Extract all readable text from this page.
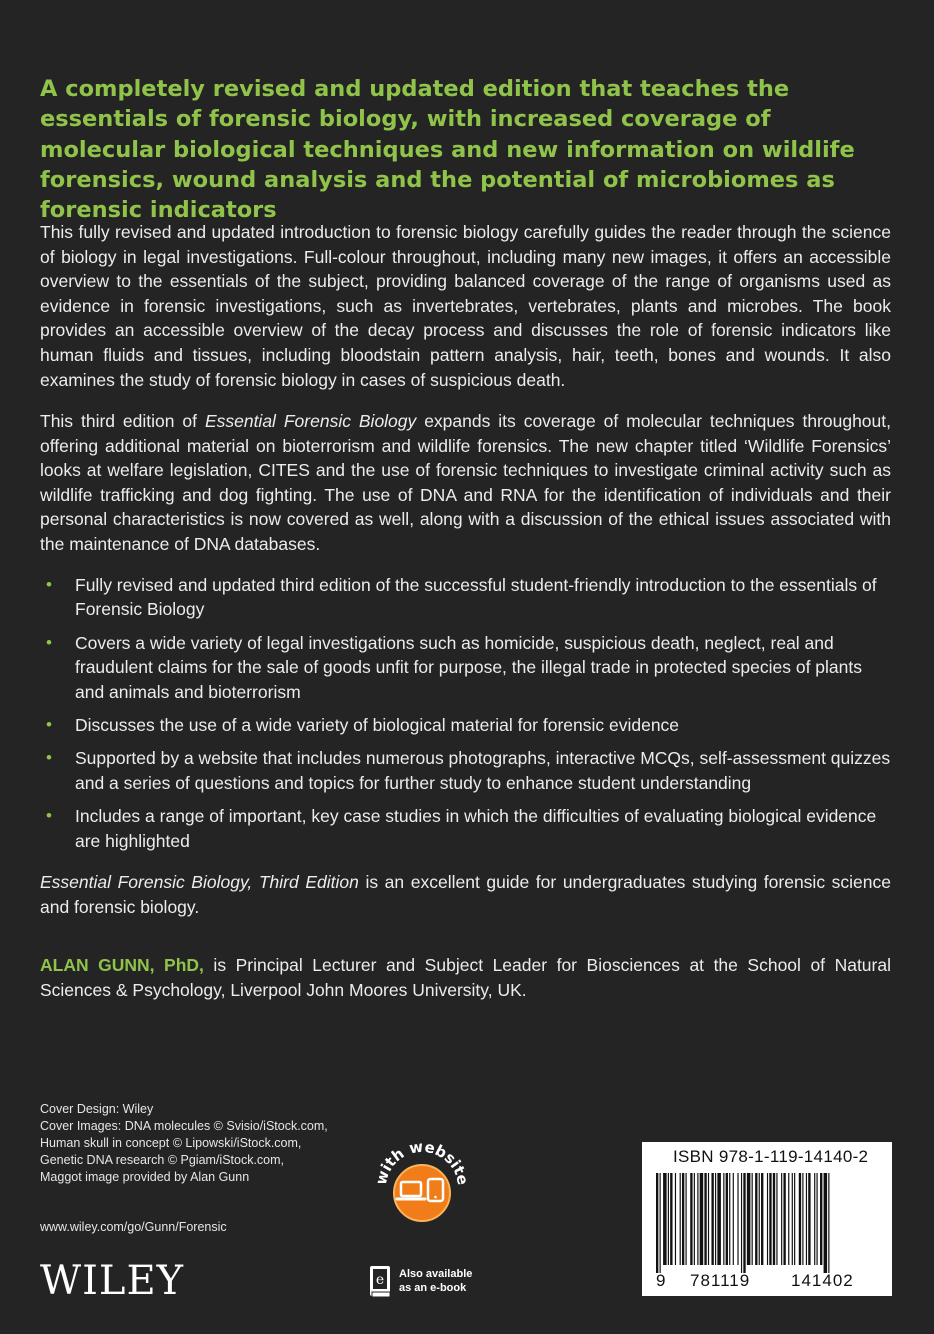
A completely revised and updated edition that teaches the essentials of forensic biology, with increased coverage of molecular biological techniques and new information on wildlife forensics, wound analysis and the potential of microbiomes as forensic indicators

This fully revised and updated introduction to forensic biology carefully guides the reader through the science of biology in legal investigations. Full-colour throughout, including many new images, it offers an accessible overview to the essentials of the subject, providing balanced coverage of the range of organisms used as evidence in forensic investigations, such as invertebrates, vertebrates, plants and microbes. The book provides an accessible overview of the decay process and discusses the role of forensic indicators like human fluids and tissues, including bloodstain pattern analysis, hair, teeth, bones and wounds. It also examines the study of forensic biology in cases of suspicious death.

This third edition of Essential Forensic Biology expands its coverage of molecular techniques throughout, offering additional material on bioterrorism and wildlife forensics. The new chapter titled ‘Wildlife Forensics’ looks at welfare legislation, CITES and the use of forensic techniques to investigate criminal activity such as wildlife trafficking and dog fighting. The use of DNA and RNA for the identification of individuals and their personal characteristics is now covered as well, along with a discussion of the ethical issues associated with the maintenance of DNA databases.

• Fully revised and updated third edition of the successful student-friendly introduction to the essentials of Forensic Biology
• Covers a wide variety of legal investigations such as homicide, suspicious death, neglect, real and fraudulent claims for the sale of goods unfit for purpose, the illegal trade in protected species of plants and animals and bioterrorism
• Discusses the use of a wide variety of biological material for forensic evidence
• Supported by a website that includes numerous photographs, interactive MCQs, self-assessment quizzes and a series of questions and topics for further study to enhance student understanding
• Includes a range of important, key case studies in which the difficulties of evaluating biological evidence are highlighted

Essential Forensic Biology, Third Edition is an excellent guide for undergraduates studying forensic science and forensic biology.

ALAN GUNN, PhD, is Principal Lecturer and Subject Leader for Biosciences at the School of Natural Sciences & Psychology, Liverpool John Moores University, UK.

Cover Design: Wiley
Cover Images: DNA molecules © Svisio/iStock.com,
Human skull in concept © Lipowski/iStock.com,
Genetic DNA research © Pgiam/iStock.com,
Maggot image provided by Alan Gunn
www.wiley.com/go/Gunn/Forensic
WILEY
ith websi
e Also available
as an e-book
ISBN 978-1-119-14140-2
9 781119 141402
